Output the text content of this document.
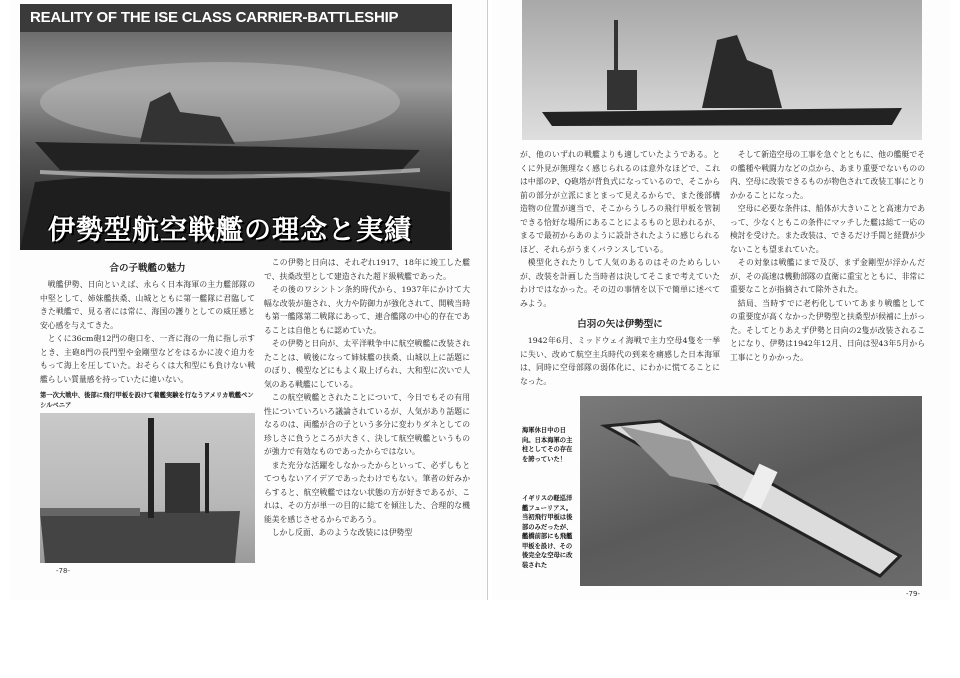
REALITY OF THE ISE CLASS CARRIER-BATTLESHIP
伊勢型航空戦艦の理念と実績
合の子戦艦の魅力

戦艦伊勢、日向といえば、永らく日本海軍の主力艦部隊の中堅として、姉妹艦扶桑、山城とともに第一艦隊に君臨してきた戦艦で、見る者には常に、海国の護りとしての威圧感と安心感を与えてきた。

とくに36cm砲12門の砲口を、一斉に海の一角に指し示すとき、主砲8門の長門型や金剛型などをはるかに凌ぐ迫力をもって海上を圧していた。おそらくは大和型にも負けない戦艦らしい質量感を持っていたに違いない。

第一次大戦中、後部に飛行甲板を設けて着艦実験を行なうアメリカ戦艦ペンシルベニア

この伊勢と日向は、それぞれ1917、18年に竣工した艦で、扶桑改型として建造された超ド級戦艦であった。

その後のワシントン条約時代から、1937年にかけて大幅な改装が施され、火力や防御力が強化されて、開戦当時も第一艦隊第二戦隊にあって、連合艦隊の中心的存在であることは自他ともに認めていた。

その伊勢と日向が、太平洋戦争中に航空戦艦に改装されたことは、戦後になって姉妹艦の扶桑、山城以上に話題にのぼり、模型などにもよく取上げられ、大和型に次いで人気のある戦艦にしている。

この航空戦艦とされたことについて、今日でもその有用性についていろいろ議論されているが、人気があり話題になるのは、両艦が合の子という多分に変わりダネとしての珍しさに負うところが大きく、決して航空戦艦というものが強力で有効なものであったからではない。

また充分な活躍をしなかったからといって、必ずしもとてつもないアイデアであったわけでもない。筆者の好みからすると、航空戦艦ではない状態の方が好きであるが、これは、その方が単一の目的に総てを傾注した、合理的な機能美を感じさせるからであろう。

しかし反面、あのような改装には伊勢型

-78-

が、他のいずれの戦艦よりも適していたようである。とくに外見が無理なく感じられるのは意外なほどで、これは中部のP、Q砲塔が背負式になっているので、そこから前の部分が立派にまとまって見えるからで、また後部構造物の位置が適当で、そこからうしろの飛行甲板を管制できる恰好な場所にあることによるものと思われるが、まるで最初からあのように設計されたように感じられるほど、それらがうまくバランスしている。

模型化されたりして人気のあるのはそのためらしいが、改装を計画した当時者は決してそこまで考えていたわけではなかった。その辺の事情を以下で簡単に述べてみよう。

白羽の矢は伊勢型に

1942年6月、ミッドウェイ海戦で主力空母4隻を一挙に失い、改めて航空主兵時代の到来を痛感した日本海軍は、同時に空母部隊の弱体化に、にわかに慌てることになった。

そして新造空母の工事を急ぐとともに、他の艦艇でその艦種や戦闘力などの点から、あまり重要でないものの内、空母に改装できるものが物色されて改装工事にとりかかることになった。

空母に必要な条件は、船体が大きいことと高速力であって、少なくともこの条件にマッチした艦は総て一応の検討を受けた。また改装は、できるだけ手間と経費が少ないことも望まれていた。

その対象は戦艦にまで及び、まず金剛型が浮かんだが、その高速は機動部隊の直衛に重宝とともに、非常に重要なことが指摘されて除外された。

結局、当時すでに老朽化していてあまり戦艦としての重要度が高くなかった伊勢型と扶桑型が候補に上がった。そしてとりあえず伊勢と日向の2隻が改装されることになり、伊勢は1942年12月、日向は翌43年5月から工事にとりかかった。

海軍休日中の日向。日本海軍の主柱としてその存在を誇っていた！
イギリスの軽巡洋艦フューリアス。当初飛行甲板は後部のみだったが、艦橋前部にも飛艦甲板を設け、その後完全な空母に改装された
-79-
